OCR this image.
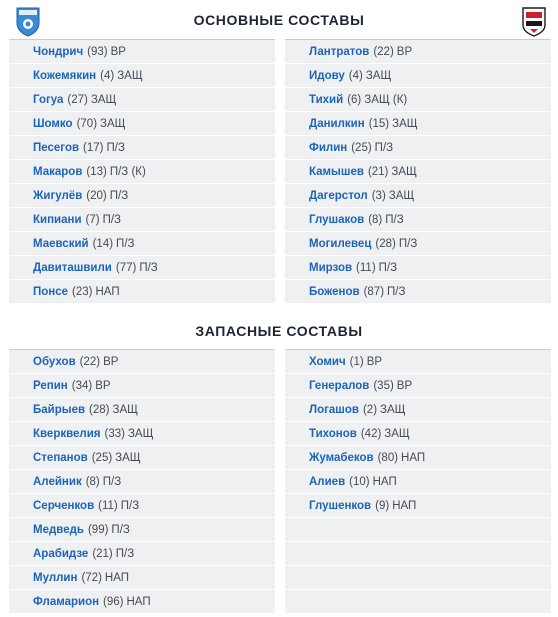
ОСНОВНЫЕ СОСТАВЫ
Чондрич (93) ВР
Кожемякин (4) ЗАЩ
Гогуа (27) ЗАЩ
Шомко (70) ЗАЩ
Песегов (17) П/З
Макаров (13) П/З (К)
Жигулёв (20) П/З
Кипиани (7) П/З
Маевский (14) П/З
Давиташвили (77) П/З
Понсе (23) НАП
Лантратов (22) ВР
Идову (4) ЗАЩ
Тихий (6) ЗАЩ (К)
Данилкин (15) ЗАЩ
Филин (25) П/З
Камышев (21) ЗАЩ
Дагерстол (3) ЗАЩ
Глушаков (8) П/З
Могилевец (28) П/З
Мирзов (11) П/З
Боженов (87) П/З
ЗАПАСНЫЕ СОСТАВЫ
Обухов (22) ВР
Репин (34) ВР
Байрыев (28) ЗАЩ
Кверквелия (33) ЗАЩ
Степанов (25) ЗАЩ
Алейник (8) П/З
Серченков (11) П/З
Медведь (99) П/З
Арабидзе (21) П/З
Муллин (72) НАП
Фламарион (96) НАП
Хомич (1) ВР
Генералов (35) ВР
Логашов (2) ЗАЩ
Тихонов (42) ЗАЩ
Жумабеков (80) НАП
Алиев (10) НАП
Глушенков (9) НАП
